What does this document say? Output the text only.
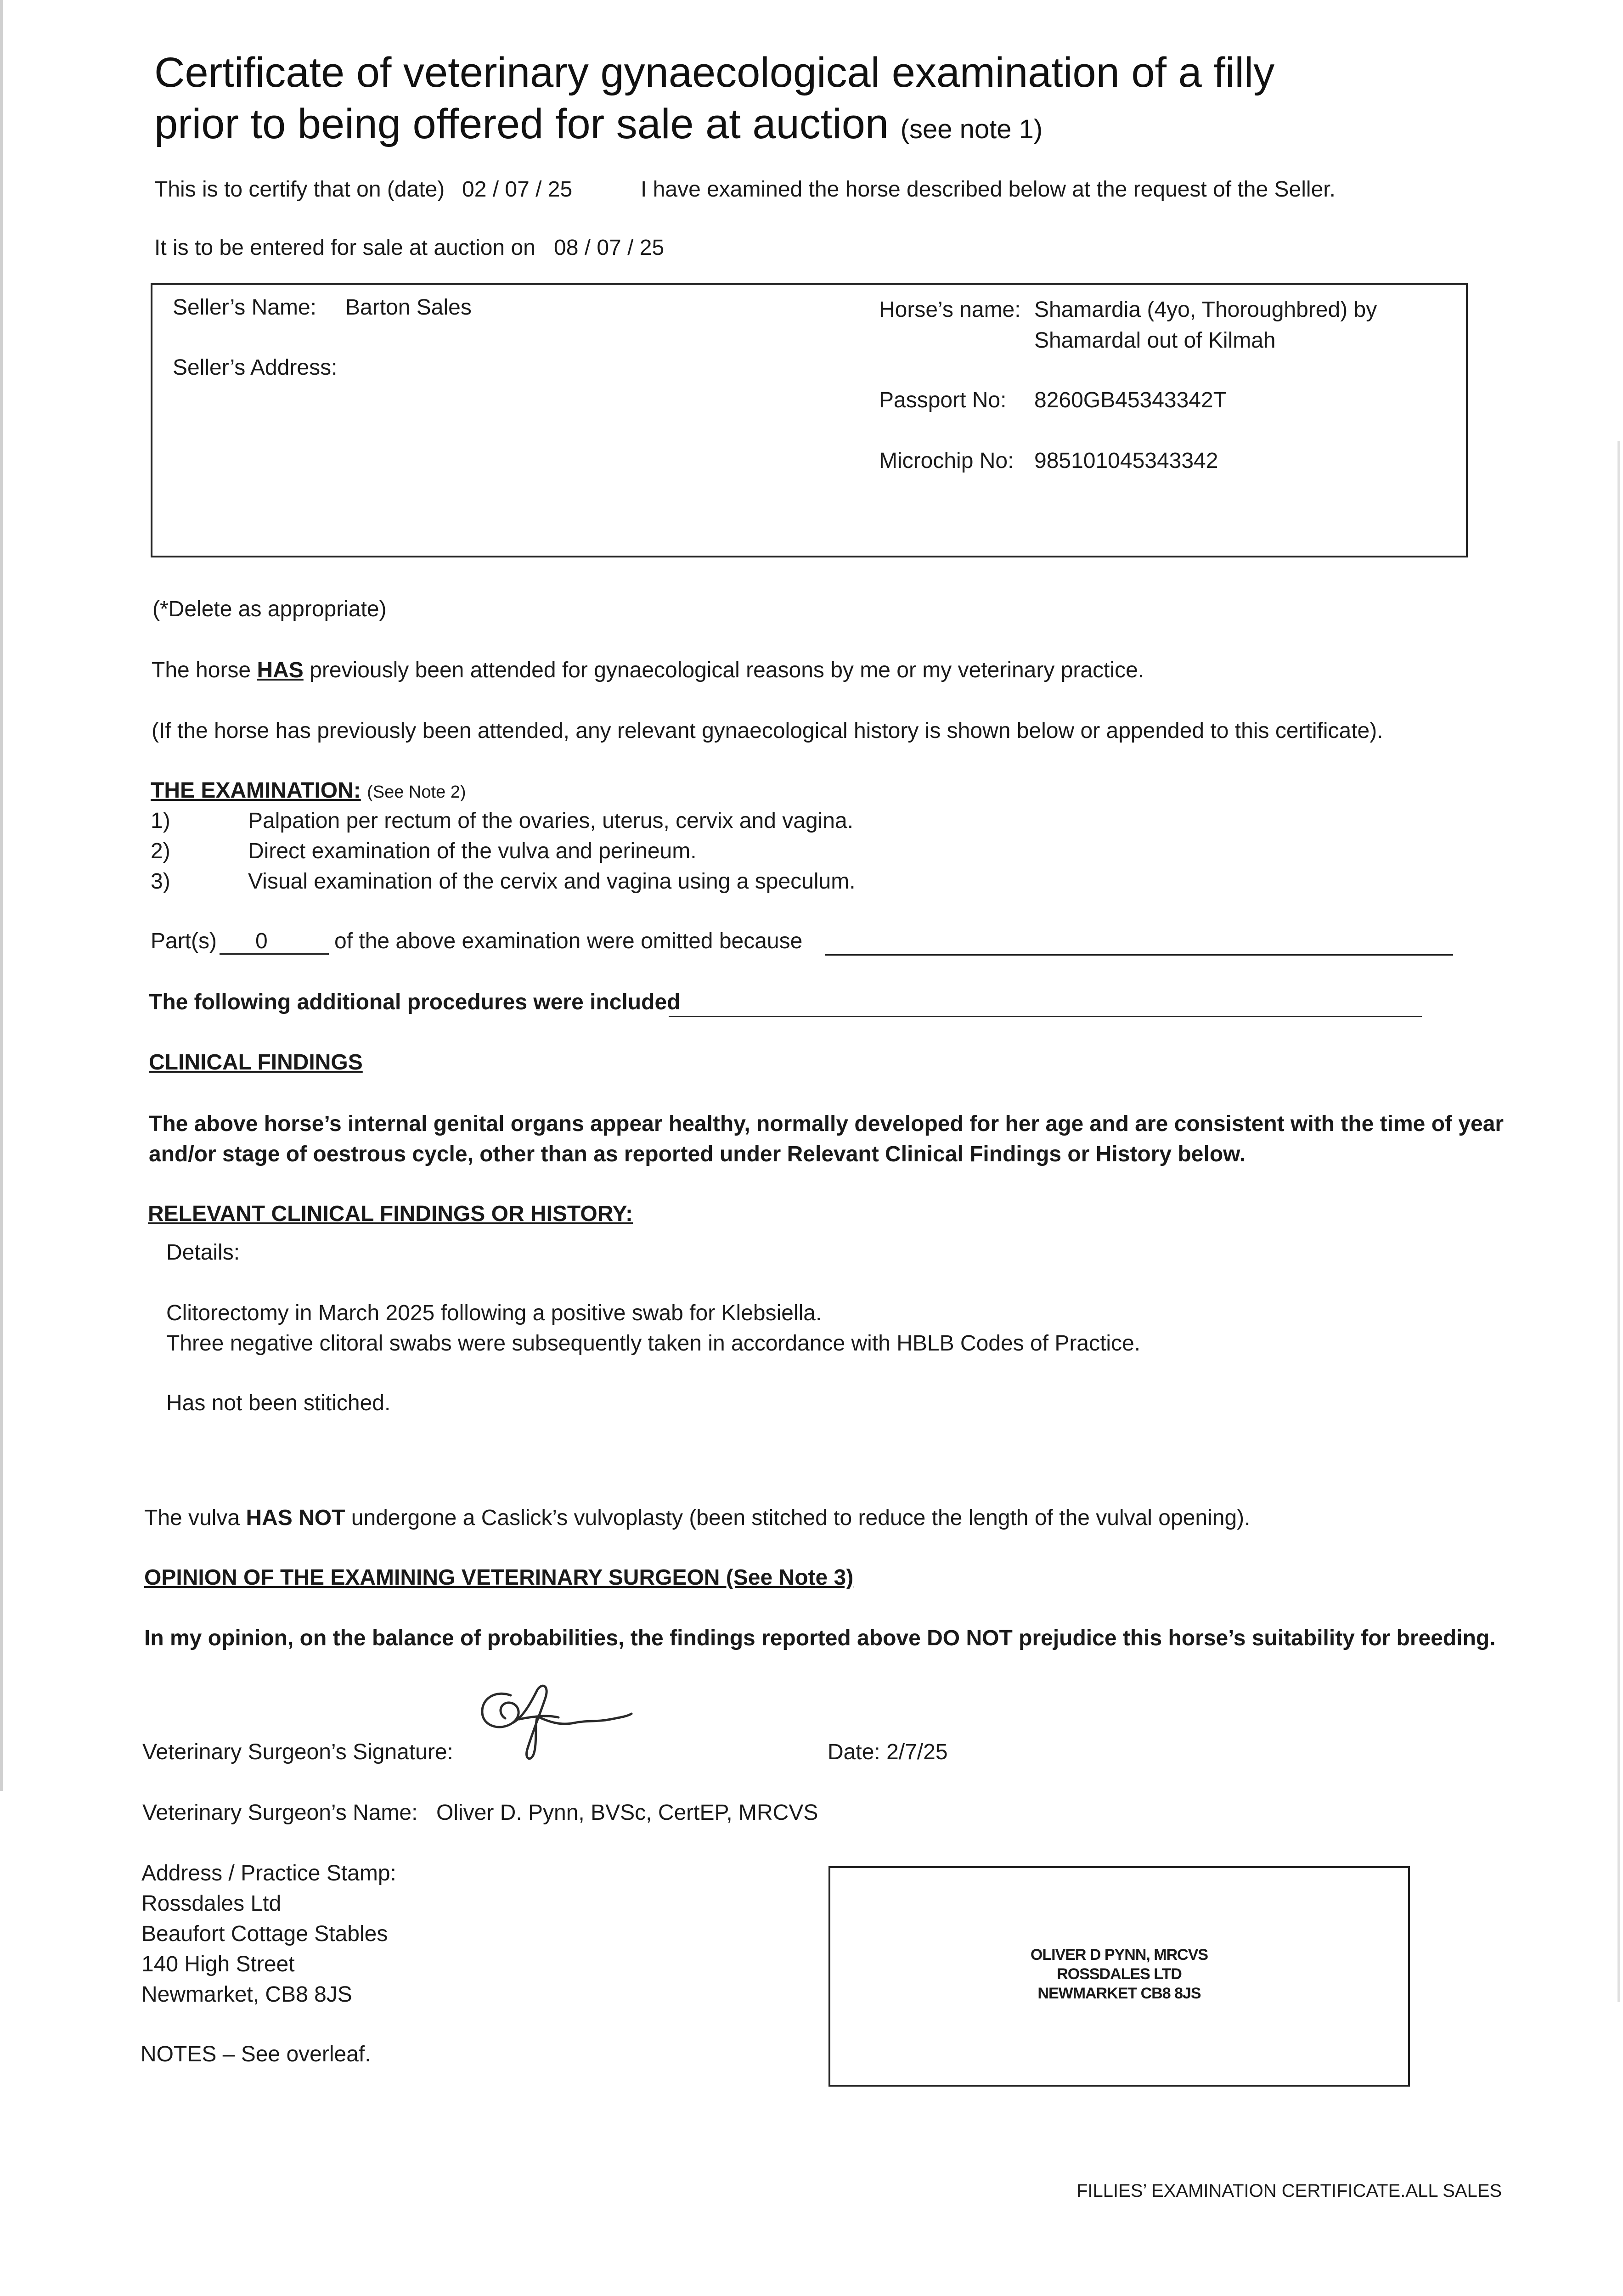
Certificate of veterinary gynaecological examination of a filly
prior to being offered for sale at auction (see note 1)
This is to certify that on (date) 02 / 07 / 25	I have examined the horse described below at the request of the Seller.
It is to be entered for sale at auction on 08 / 07 / 25
Seller’s Name: Barton Sales
Seller’s Address:
Horse’s name: Shamardia (4yo, Thoroughbred) by
Shamardal out of Kilmah
Passport No: 8260GB45343342T
Microchip No: 985101045343342
(*Delete as appropriate)
The horse HAS previously been attended for gynaecological reasons by me or my veterinary practice.
(If the horse has previously been attended, any relevant gynaecological history is shown below or appended to this certificate).
THE EXAMINATION: (See Note 2)
1)	Palpation per rectum of the ovaries, uterus, cervix and vagina.
2)	Direct examination of the vulva and perineum.
3)	Visual examination of the cervix and vagina using a speculum.
Part(s) 0	of the above examination were omitted because
The following additional procedures were included
CLINICAL FINDINGS
The above horse’s internal genital organs appear healthy, normally developed for her age and are consistent with the time of year
and/or stage of oestrous cycle, other than as reported under Relevant Clinical Findings or History below.
RELEVANT CLINICAL FINDINGS OR HISTORY:
Details:
Clitorectomy in March 2025 following a positive swab for Klebsiella.
Three negative clitoral swabs were subsequently taken in accordance with HBLB Codes of Practice.
Has not been stitiched.
The vulva HAS NOT undergone a Caslick’s vulvoplasty (been stitched to reduce the length of the vulval opening).
OPINION OF THE EXAMINING VETERINARY SURGEON (See Note 3)
In my opinion, on the balance of probabilities, the findings reported above DO NOT prejudice this horse’s suitability for breeding.
Veterinary Surgeon’s Signature:	Date: 2/7/25
Veterinary Surgeon’s Name: Oliver D. Pynn, BVSc, CertEP, MRCVS
Address / Practice Stamp:
Rossdales Ltd
Beaufort Cottage Stables
140 High Street
Newmarket, CB8 8JS
NOTES – See overleaf.
OLIVER D PYNN, MRCVS
ROSSDALES LTD
NEWMARKET CB8 8JS
FILLIES’ EXAMINATION CERTIFICATE.ALL SALES
